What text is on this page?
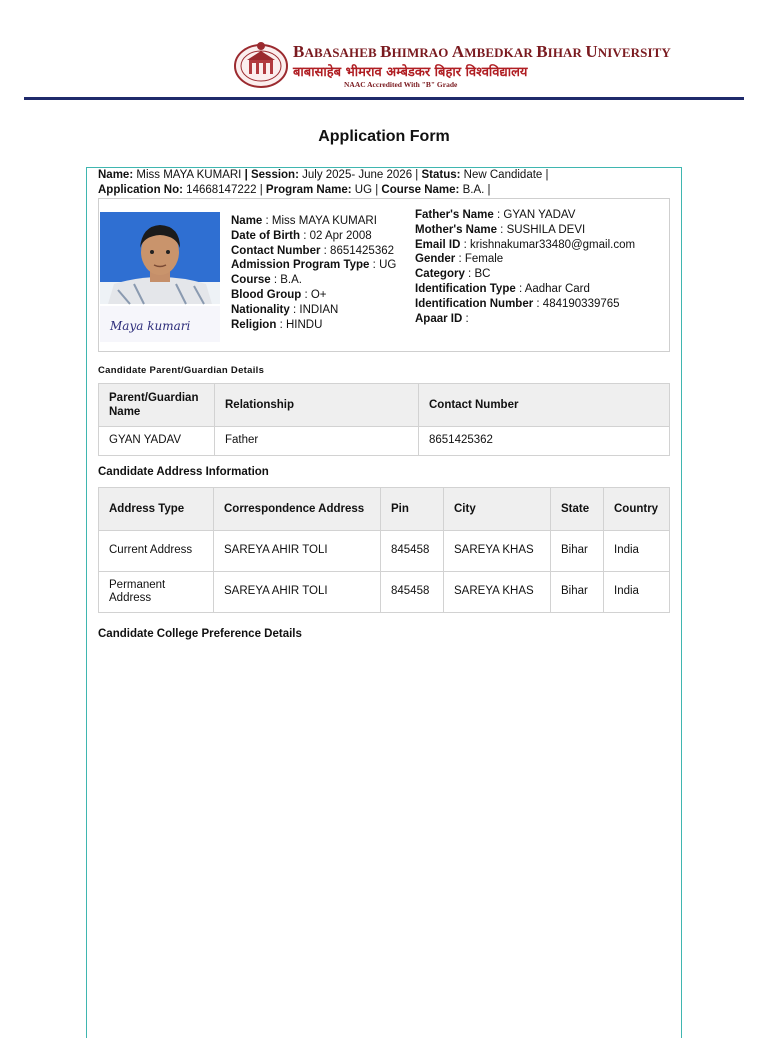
BABASAHEB BHIMRAO AMBEDKAR BIHAR UNIVERSITY
बाबासाहेब भीमराव अम्बेडकर बिहार विश्वविद्यालय
NAAC Accredited With "B" Grade
Application Form
Name: Miss MAYA KUMARI | Session: July 2025- June 2026 | Status: New Candidate |
Application No: 14668147222 | Program Name: UG | Course Name: B.A. |
Maya kumari
Name : Miss MAYA KUMARI
Date of Birth : 02 Apr 2008
Contact Number : 8651425362
Admission Program Type : UG
Course : B.A.
Blood Group : O+
Nationality : INDIAN
Religion : HINDU
Father's Name : GYAN YADAV
Mother's Name : SUSHILA DEVI
Email ID : krishnakumar33480@gmail.com
Gender : Female
Category : BC
Identification Type : Aadhar Card
Identification Number : 484190339765
Apaar ID :
Candidate Parent/Guardian Details
Parent/Guardian Name	Relationship	Contact Number
GYAN YADAV	Father	8651425362
Candidate Address Information
Address Type	Correspondence Address	Pin	City	State	Country
Current Address	SAREYA AHIR TOLI	845458	SAREYA KHAS	Bihar	India
Permanent Address	SAREYA AHIR TOLI	845458	SAREYA KHAS	Bihar	India
Candidate College Preference Details
